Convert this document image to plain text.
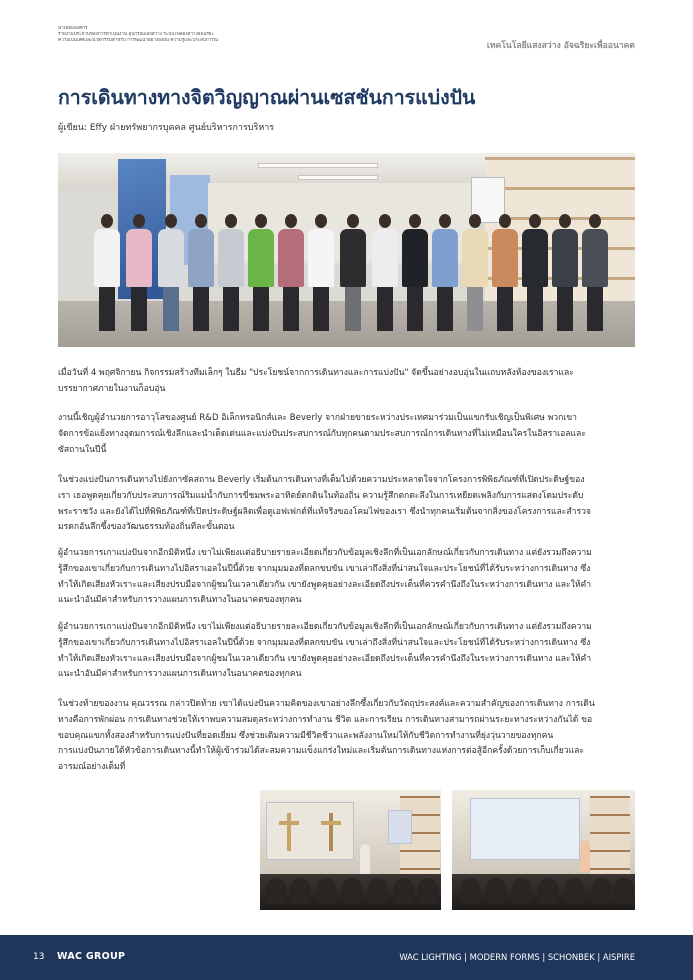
นำเทียมองค์กร
รายงานประจำปีของการดำเนินงาน อุปกรณ์แสงสว่าง ระบบไฟส่องสว่างอัจฉริยะ
ความเป็นเลิศและนวัตกรรมสำหรับ การพัฒนาอย่างยั่งยืน ความรู้และประสบการณ์
เทคโนโลยีแสงสว่าง อัจฉริยะเพื่ออนาคต
การเดินทางทางจิตวิญญาณผ่านเซสชันการแบ่งปัน
ผู้เขียน: Effy ฝ่ายทรัพยากรบุคคล ศูนย์บริหารการบริหาร

เมื่อวันที่ 4 พฤศจิกายน กิจกรรมสร้างทีมเล็กๆ ในธีม "ประโยชน์จากการเดินทางและการแบ่งปัน" จัดขึ้นอย่างอบอุ่นในแถบหลังห้องของเราและ
บรรยากาศภายในงานก็อบอุ่น

งานนี้เชิญผู้อำนวยการอาวุโสของศูนย์ R&D อิเล็กทรอนิกส์และ Beverly จากฝ่ายขายระหว่างประเทศมาร่วมเป็นแขกรับเชิญเป็นพิเศษ พวกเขา
จัดการข้อแย้งทางอุดมการณ์เชิงลึกและนำเด็ดเด่นและแบ่งปันประสบการณ์กับทุกคนตามประสบการณ์การเดินทางที่ไม่เหมือนใครในอิสราเอลและ
ซัสถานในปีนี้

ในช่วงแบ่งปันการเดินทางไปยังกาซัคสถาน Beverly เริ่มต้นการเดินทางที่เต็มไปด้วยความประหลาดใจจากโครงการพิพิธภัณฑ์ที่เปิดประดิษฐ์ของ
เรา เธอพูดคุยเกี่ยวกับประสบการณ์ริมแม่น้ำกับการขี่ชมพระอาทิตย์ตกดินในท้องถิ่น ความรู้สึกตกตะลึงในการเหยียดเพลิงกับการแสดงโดมประดับ
พระราชวัง และยังได้ไปที่พิพิธภัณฑ์ที่เปิดประดิษฐ์ผลิตเพื่อดูเอฟเฟกต์ที่แท้จริงของโคมไฟของเรา ซึ่งนำทุกคนเริ่มต้นจากสิ่งของโครงการและสำรวจ
มรดกอันลึกซึ้งของวัฒนธรรมท้องถิ่นทีละขั้นตอน

ผู้อำนวยการเกาแบ่งปันจากอีกมิติหนึ่ง เขาไม่เพียงแต่อธิบายรายละเอียดเกี่ยวกับข้อมูลเชิงลึกที่เป็นเอกลักษณ์เกี่ยวกับการเดินทาง แต่ยังรวมถึงความ
รู้สึกของเขาเกี่ยวกับการเดินทางไปอิสราเอลในปีนี้ด้วย จากมุมมองที่ตลกขบขัน เขาเล่าถึงสิ่งที่น่าสนใจและประโยชน์ที่ได้รับระหว่างการเดินทาง ซึ่ง
ทำให้เกิดเสียงหัวเราะและเสียงปรบมือจากผู้ชมในเวลาเดียวกัน เขายังพูดคุยอย่างละเอียดถึงประเด็นที่ควรคำนึงถึงในระหว่างการเดินทาง และให้คำ
แนะนำอันมีค่าสำหรับการวางแผนการเดินทางในอนาคตของทุกคน

ผู้อำนวยการเกาแบ่งปันจากอีกมิติหนึ่ง เขาไม่เพียงแต่อธิบายรายละเอียดเกี่ยวกับข้อมูลเชิงลึกที่เป็นเอกลักษณ์เกี่ยวกับการเดินทาง แต่ยังรวมถึงความ
รู้สึกของเขาเกี่ยวกับการเดินทางไปอิสราเอลในปีนี้ด้วย จากมุมมองที่ตลกขบขัน เขาเล่าถึงสิ่งที่น่าสนใจและประโยชน์ที่ได้รับระหว่างการเดินทาง ซึ่ง
ทำให้เกิดเสียงหัวเราะและเสียงปรบมือจากผู้ชมในเวลาเดียวกัน เขายังพูดคุยอย่างละเอียดถึงประเด็นที่ควรคำนึงถึงในระหว่างการเดินทาง และให้คำ
แนะนำอันมีค่าสำหรับการวางแผนการเดินทางในอนาคตของทุกคน

ในช่วงท้ายของงาน คุณวรรณ กล่าวปิดท้าย เขาได้แบ่งปันความคิดของเขาอย่างลึกซึ้งเกี่ยวกับวัตถุประสงค์และความสำคัญของการเดินทาง การเดิน
ทางคือการพักผ่อน การเดินทางช่วยให้เราพบความสมดุลระหว่างการทำงาน ชีวิต และการเรียน การเดินทางสามารถผ่านระยะทางระหว่างกันได้ ขอ
ขอบคุณแขกทั้งสองสำหรับการแบ่งปันที่ยอดเยี่ยม ซึ่งช่วยเติมความมีชีวิตชีวาและพลังงานใหม่ให้กับชีวิตการทำงานที่ยุ่งวุ่นวายของทุกคน
การแบ่งปันภายใต้หัวข้อการเดินทางนี้ทำให้ผู้เข้าร่วมได้สะสมความแข็งแกร่งใหม่และเริ่มต้นการเดินทางแห่งการต่อสู้อีกครั้งด้วยการเก็บเกี่ยวและ
อารมณ์อย่างเต็มที่

13 WAC GROUP	WAC LIGHTING | MODERN FORMS | SCHONBEK | AISPIRE
